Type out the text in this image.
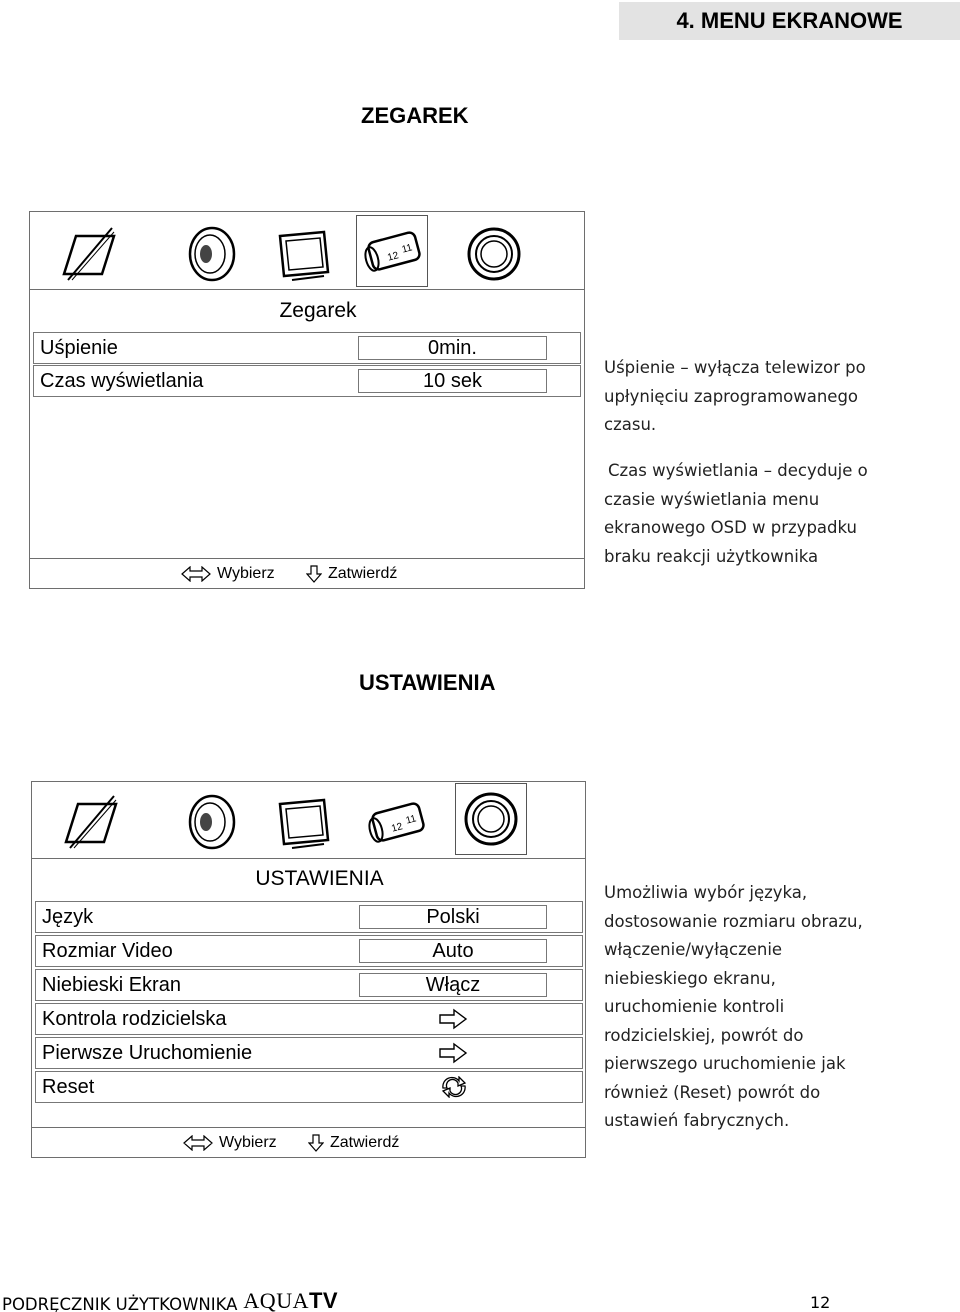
4. MENU EKRANOWE
ZEGAREK
12
11
Zegarek
Uśpienie	0min.
Czas wyświetlania	10 sek
Wybierz	Zatwierdź
Uśpienie – wyłącza telewizor po upłynięciu zaprogramowanego czasu.
Czas wyświetlania – decyduje o czasie wyświetlania menu ekranowego OSD w przypadku braku reakcji użytkownika
USTAWIENIA
12
11
USTAWIENIA
Język	Polski
Rozmiar Video	Auto
Niebieski Ekran	Włącz
Kontrola rodzicielska
Pierwsze Uruchomienie
Reset
Wybierz	Zatwierdź
Umożliwia wybór języka, dostosowanie rozmiaru obrazu, włączenie/wyłączenie niebieskiego ekranu, uruchomienie kontroli rodzicielskiej, powrót do pierwszego uruchomienie jak również (Reset) powrót do ustawień fabrycznych.
PODRĘCZNIK UŻYTKOWNIKA AQUATV	12
